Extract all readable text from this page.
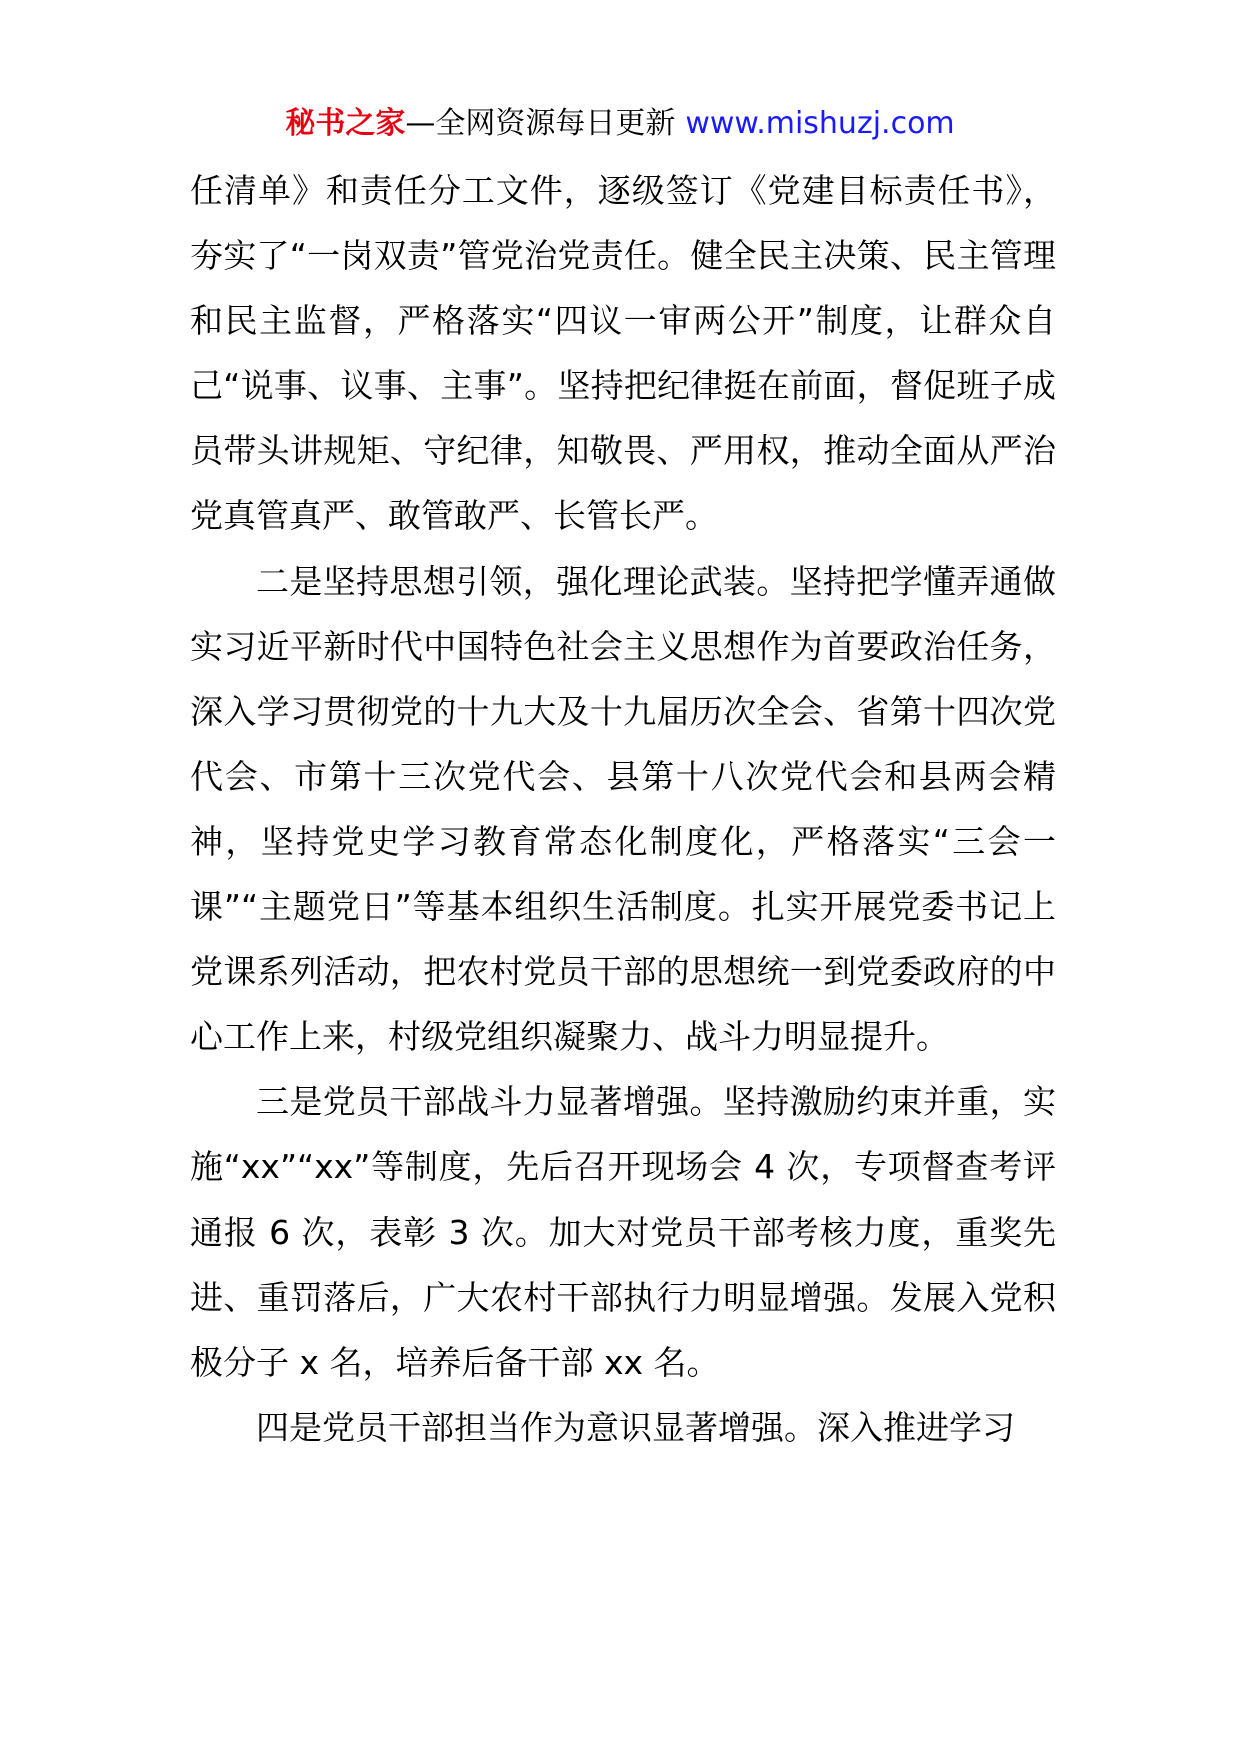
秘书之家—全网资源每日更新 www.mishuzj.com

任清单》和责任分工文件，逐级签订《党建目标责任书》，夯实了“一岗双责”管党治党责任。健全民主决策、民主管理和民主监督，严格落实“四议一审两公开”制度，让群众自己“说事、议事、主事”。坚持把纪律挺在前面，督促班子成员带头讲规矩、守纪律，知敬畏、严用权，推动全面从严治党真管真严、敢管敢严、长管长严。

二是坚持思想引领，强化理论武装。坚持把学懂弄通做实习近平新时代中国特色社会主义思想作为首要政治任务，深入学习贯彻党的十九大及十九届历次全会、省第十四次党代会、市第十三次党代会、县第十八次党代会和县两会精神，坚持党史学习教育常态化制度化，严格落实“三会一课”“主题党日”等基本组织生活制度。扎实开展党委书记上党课系列活动，把农村党员干部的思想统一到党委政府的中心工作上来，村级党组织凝聚力、战斗力明显提升。

三是党员干部战斗力显著增强。坚持激励约束并重，实施“xx”“xx”等制度，先后召开现场会 4 次，专项督查考评通报 6 次，表彰 3 次。加大对党员干部考核力度，重奖先进、重罚落后，广大农村干部执行力明显增强。发展入党积极分子 x 名，培养后备干部 xx 名。

四是党员干部担当作为意识显著增强。深入推进学习
